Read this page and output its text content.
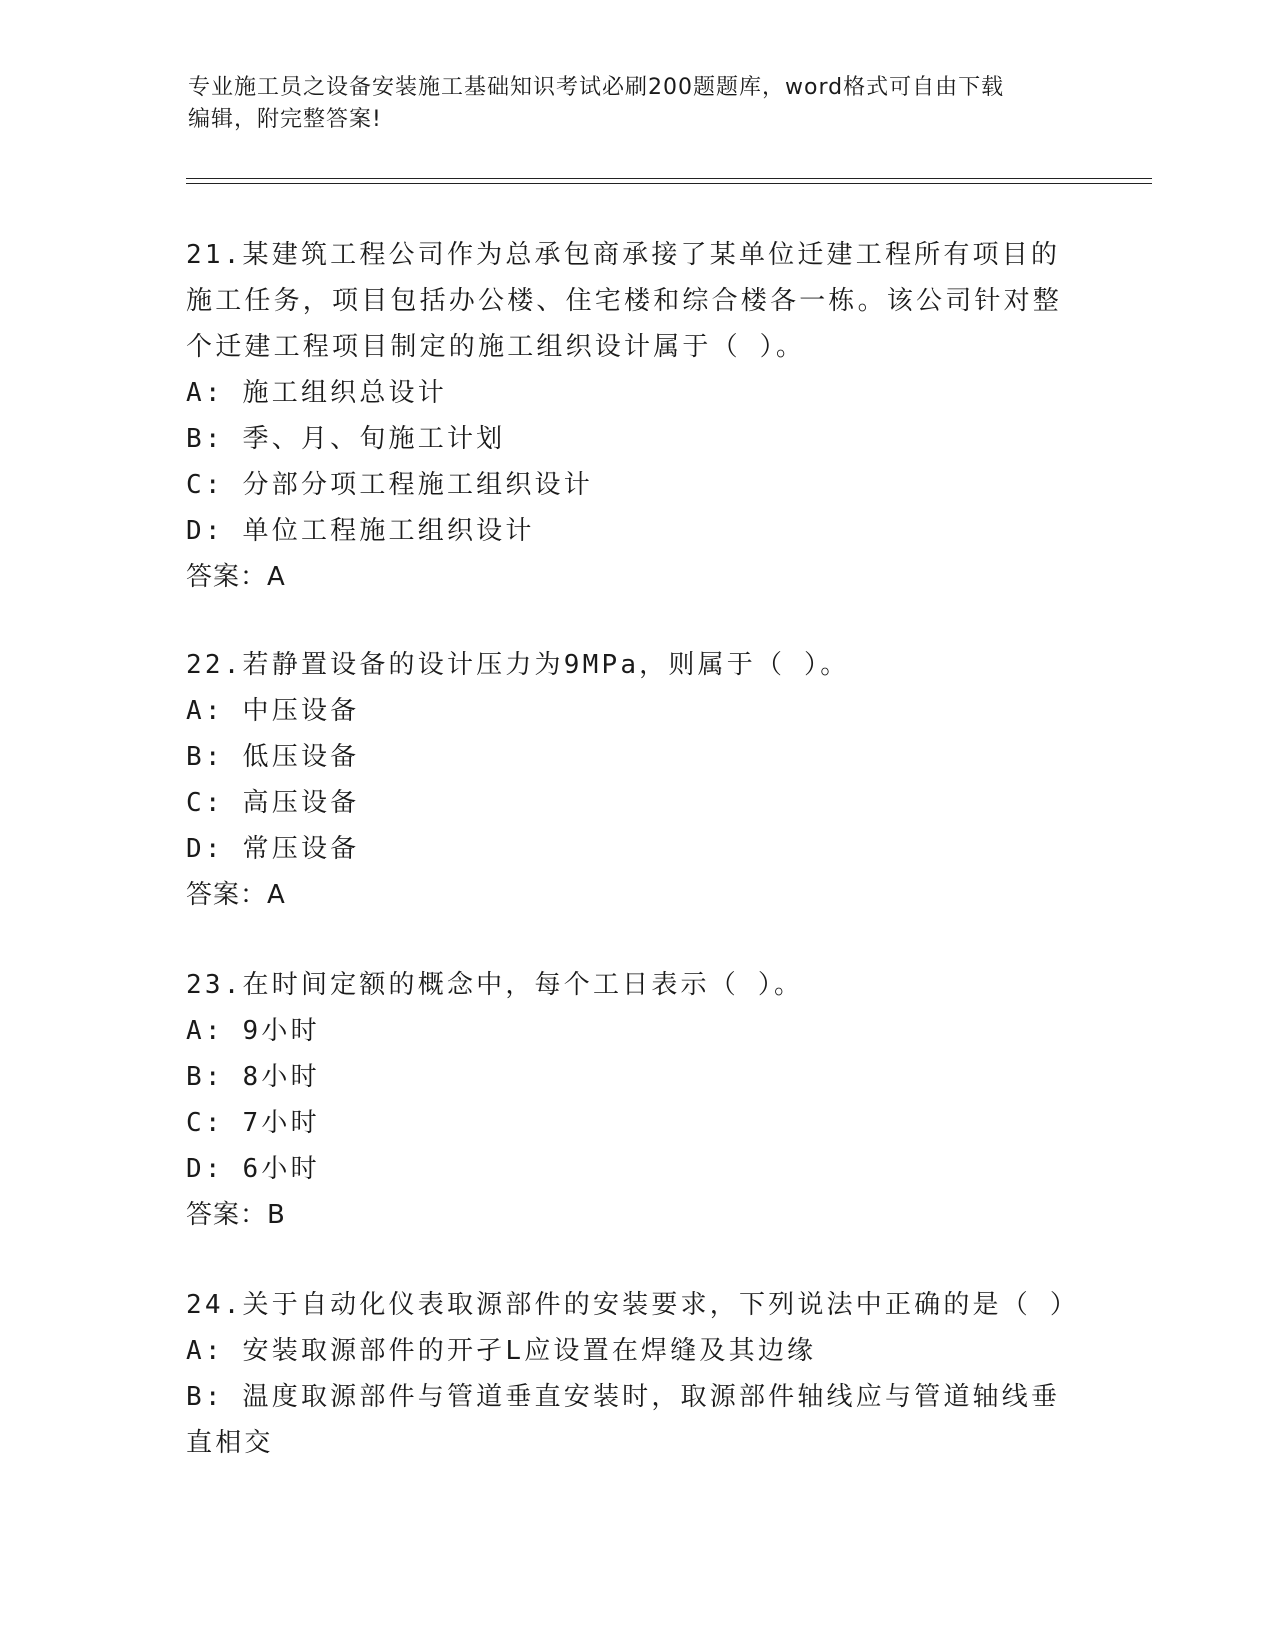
专业施工员之设备安装施工基础知识考试必刷200题题库，word格式可自由下载
编辑，附完整答案!
21.某建筑工程公司作为总承包商承接了某单位迁建工程所有项目的施工任务，项目包括办公楼、住宅楼和综合楼各一栋。该公司针对整个迁建工程项目制定的施工组织设计属于（ ）。
A: 施工组织总设计
B: 季、月、旬施工计划
C: 分部分项工程施工组织设计
D: 单位工程施工组织设计
答案：A
22.若静置设备的设计压力为9MPa，则属于（ ）。
A: 中压设备
B: 低压设备
C: 高压设备
D: 常压设备
答案：A
23.在时间定额的概念中，每个工日表示（ ）。
A: 9小时
B: 8小时
C: 7小时
D: 6小时
答案：B
24.关于自动化仪表取源部件的安装要求，下列说法中正确的是（ ）
A: 安装取源部件的开孑L应设置在焊缝及其边缘
B: 温度取源部件与管道垂直安装时，取源部件轴线应与管道轴线垂直相交
